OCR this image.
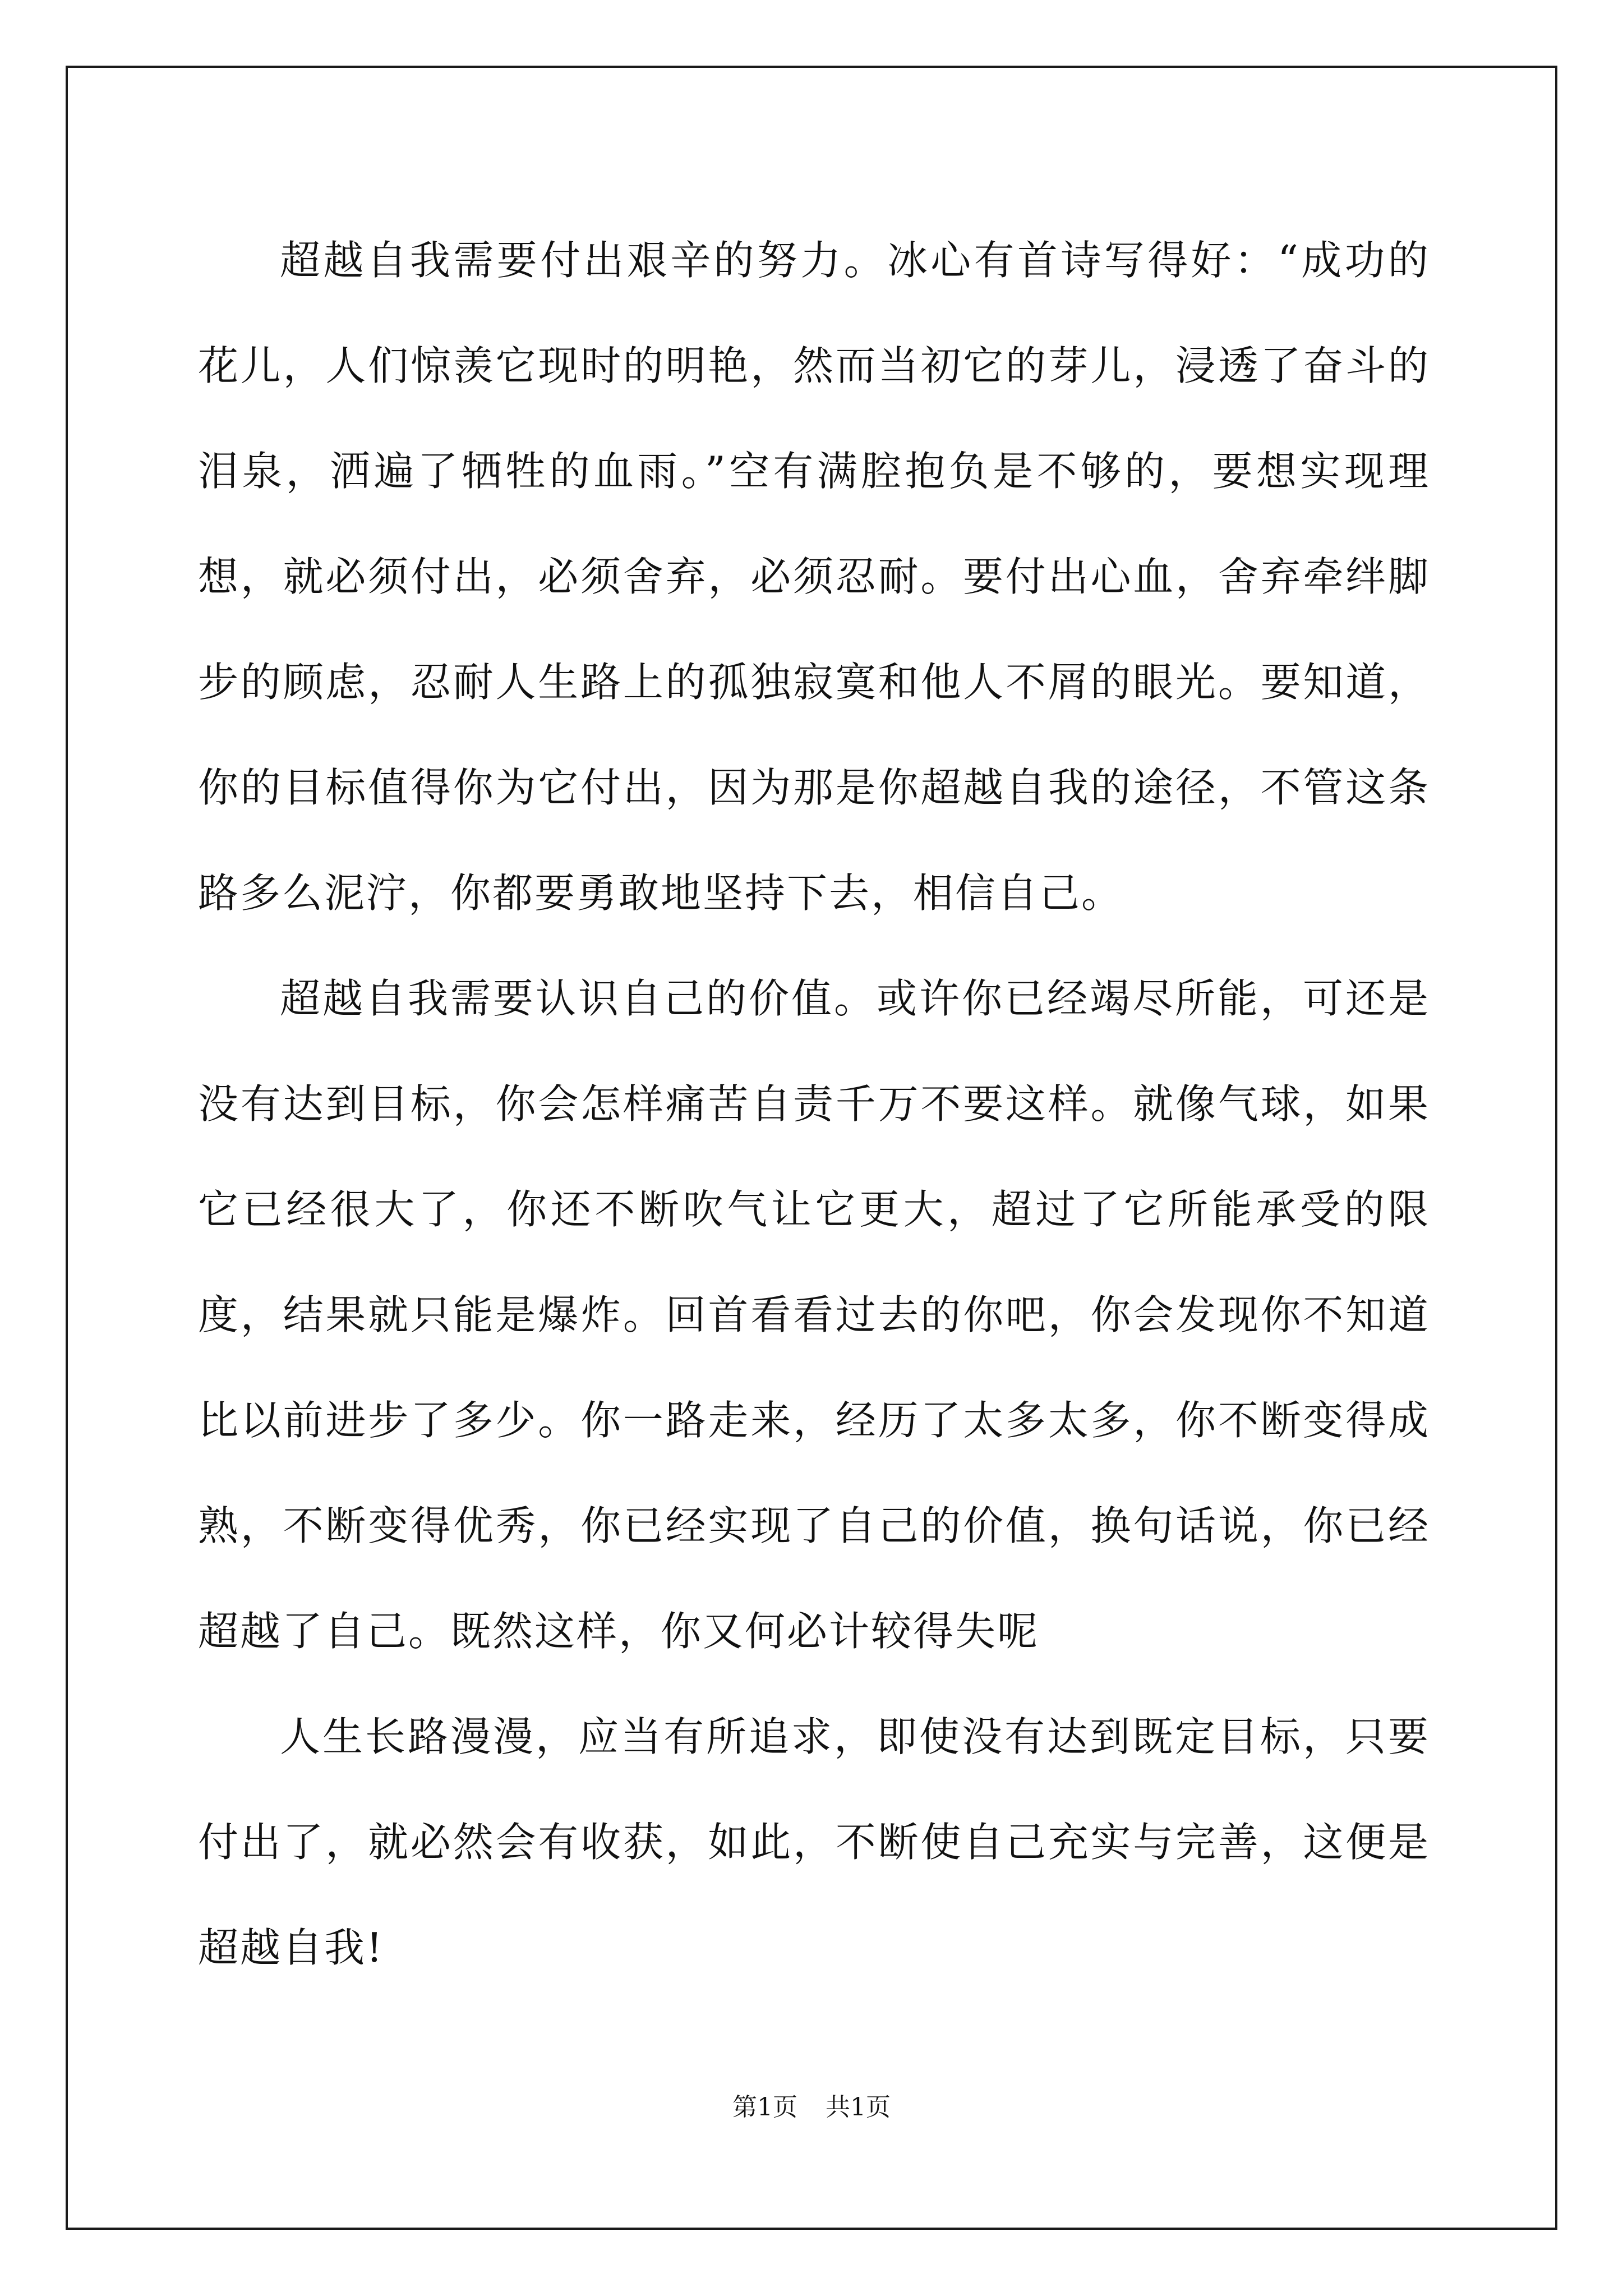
超越自我需要付出艰辛的努力。冰心有首诗写得好：“成功的花儿，人们惊羡它现时的明艳，然而当初它的芽儿，浸透了奋斗的泪泉，洒遍了牺牲的血雨。”空有满腔抱负是不够的，要想实现理想，就必须付出，必须舍弃，必须忍耐。要付出心血，舍弃牵绊脚步的顾虑，忍耐人生路上的孤独寂寞和他人不屑的眼光。要知道，你的目标值得你为它付出，因为那是你超越自我的途径，不管这条路多么泥泞，你都要勇敢地坚持下去，相信自己。

超越自我需要认识自己的价值。或许你已经竭尽所能，可还是没有达到目标，你会怎样痛苦自责千万不要这样。就像气球，如果它已经很大了，你还不断吹气让它更大，超过了它所能承受的限度，结果就只能是爆炸。回首看看过去的你吧，你会发现你不知道比以前进步了多少。你一路走来，经历了太多太多，你不断变得成熟，不断变得优秀，你已经实现了自己的价值，换句话说，你已经超越了自己。既然这样，你又何必计较得失呢

人生长路漫漫，应当有所追求，即使没有达到既定目标，只要付出了，就必然会有收获，如此，不断使自己充实与完善，这便是超越自我!

第1页 共1页
